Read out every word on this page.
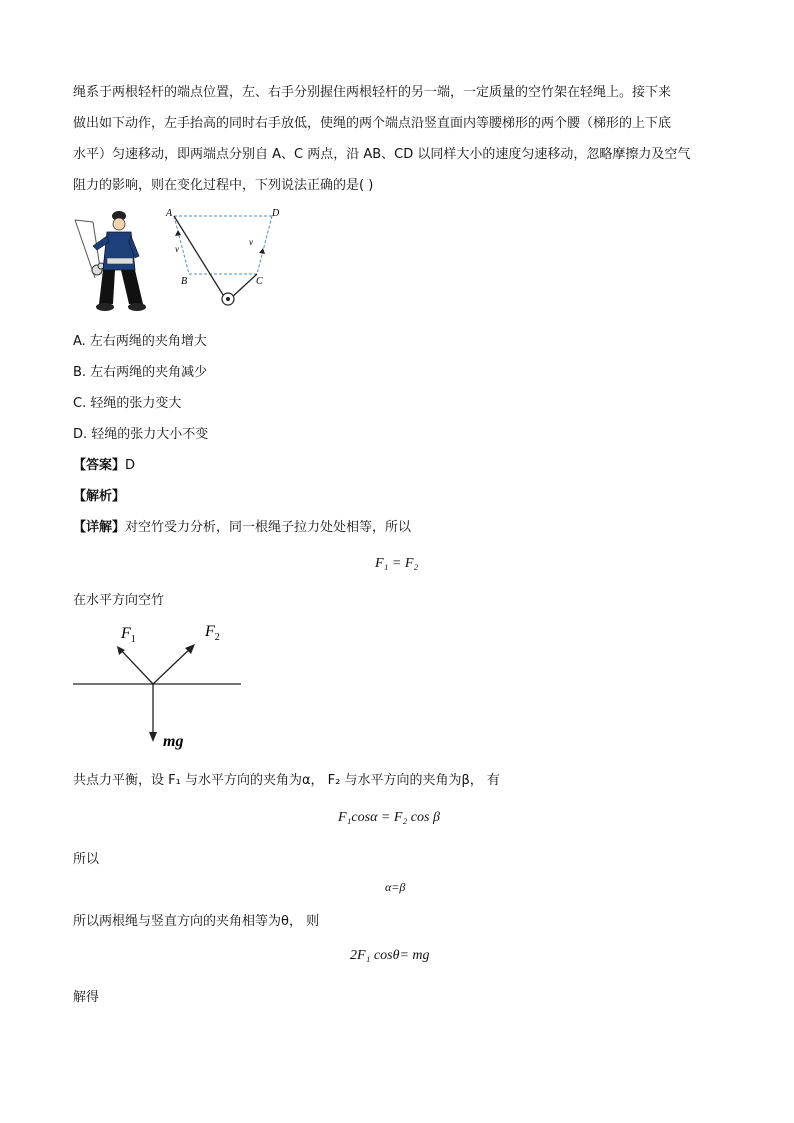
绳系于两根轻杆的端点位置，左、右手分别握住两根轻杆的另一端，一定质量的空竹架在轻绳上。接下来
做出如下动作，左手抬高的同时右手放低，使绳的两个端点沿竖直面内等腰梯形的两个腰（梯形的上下底
水平）匀速移动，即两端点分别自 A、C 两点，沿 AB、CD 以同样大小的速度匀速移动，忽略摩擦力及空气
阻力的影响，则在变化过程中，下列说法正确的是( )
A
B	C
D
v
v
A. 左右两绳的夹角增大
B. 左右两绳的夹角减少
C. 轻绳的张力变大
D. 轻绳的张力大小不变
【答案】D
【解析】
【详解】对空竹受力分析，同一根绳子拉力处处相等，所以
F₁ = F₂
在水平方向空竹
$F_1$	$F_2$
mg
共点力平衡，设 F₁ 与水平方向的夹角为α， F₂ 与水平方向的夹角为β， 有
F₁cosα = F₂ cos β
所以
α=β
所以两根绳与竖直方向的夹角相等为θ， 则
2F₁ cosθ= mg
解得
